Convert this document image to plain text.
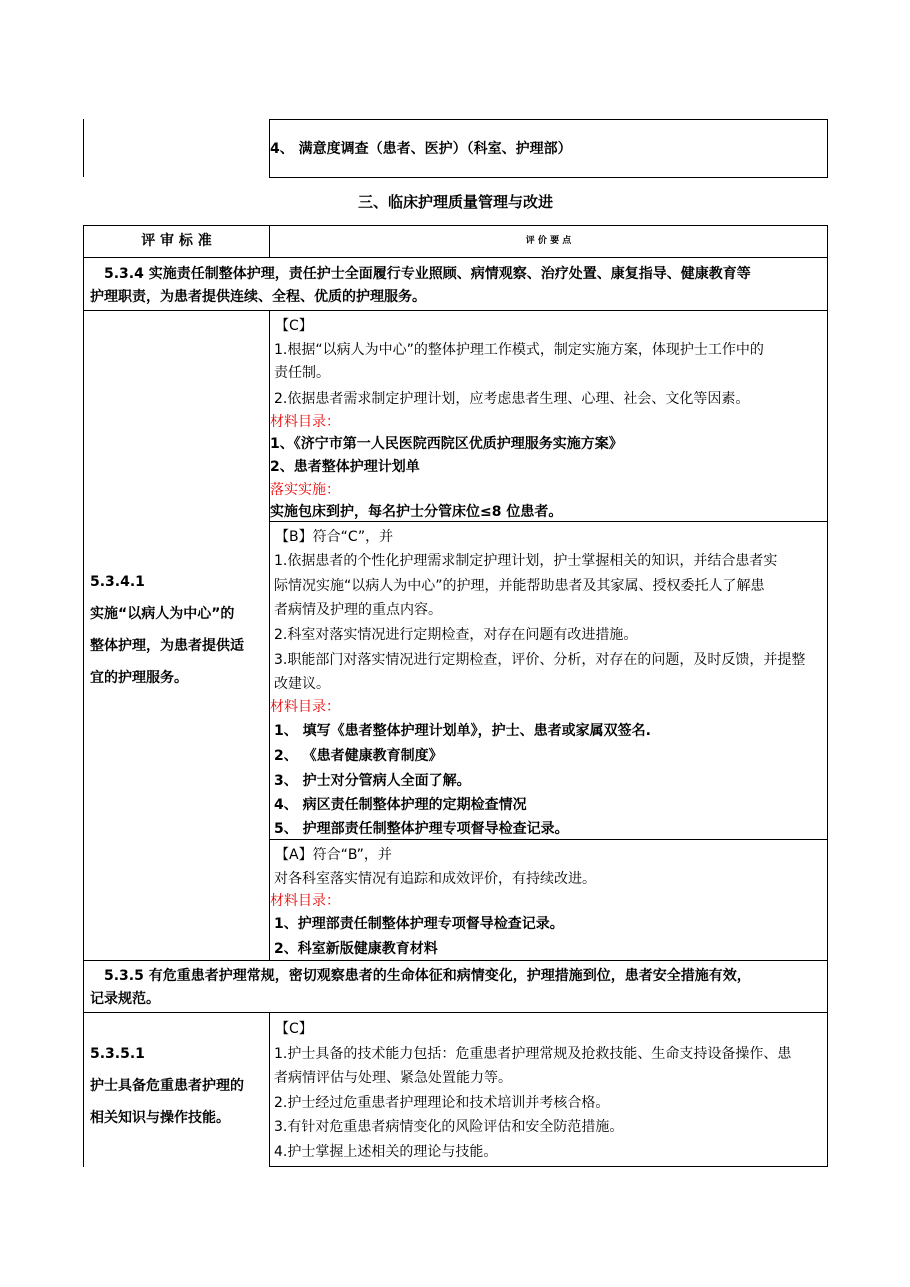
4、 满意度调查（患者、医护）（科室、护理部）
三、临床护理质量管理与改进
评 审 标 准	评 价 要 点
5.3.4 实施责任制整体护理，责任护士全面履行专业照顾、病情观察、治疗处置、康复指导、健康教育等
护理职责，为患者提供连续、全程、优质的护理服务。
5.3.4.1
实施“以病人为中心”的
整体护理，为患者提供适
宜的护理服务。
【C】
1.根据“以病人为中心”的整体护理工作模式，制定实施方案，体现护士工作中的
责任制。
2.依据患者需求制定护理计划，应考虑患者生理、心理、社会、文化等因素。
材料目录：
1、《济宁市第一人民医院西院区优质护理服务实施方案》
2、患者整体护理计划单
落实实施：
实施包床到护，每名护士分管床位≤8 位患者。
【B】符合“C”，并
1.依据患者的个性化护理需求制定护理计划，护士掌握相关的知识，并结合患者实
际情况实施“以病人为中心”的护理，并能帮助患者及其家属、授权委托人了解患
者病情及护理的重点内容。
2.科室对落实情况进行定期检查，对存在问题有改进措施。
3.职能部门对落实情况进行定期检查，评价、分析，对存在的问题，及时反馈，并提整
改建议。
材料目录：
1、 填写《患者整体护理计划单》，护士、患者或家属双签名.
2、 《患者健康教育制度》
3、 护士对分管病人全面了解。
4、 病区责任制整体护理的定期检查情况
5、 护理部责任制整体护理专项督导检查记录。
【A】符合“B”，并
对各科室落实情况有追踪和成效评价，有持续改进。
材料目录：
1、护理部责任制整体护理专项督导检查记录。
2、科室新版健康教育材料
5.3.5 有危重患者护理常规，密切观察患者的生命体征和病情变化，护理措施到位，患者安全措施有效，
记录规范。
5.3.5.1
护士具备危重患者护理的
相关知识与操作技能。
【C】
1.护士具备的技术能力包括：危重患者护理常规及抢救技能、生命支持设备操作、患
者病情评估与处理、紧急处置能力等。
2.护士经过危重患者护理理论和技术培训并考核合格。
3.有针对危重患者病情变化的风险评估和安全防范措施。
4.护士掌握上述相关的理论与技能。
